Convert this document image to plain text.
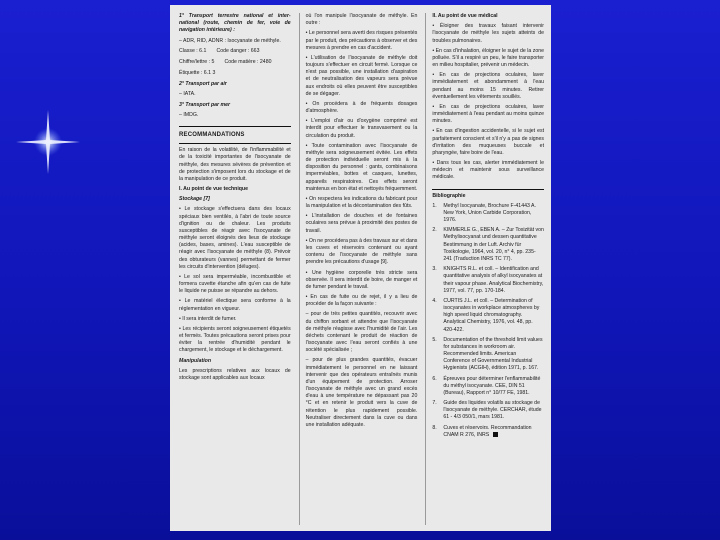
1° Transport terrestre national et inter-national (route, chemin de fer, voie de navigation intérieure) :

– ADR, RID, ADNR : Isocyanate de méthyle.

Classe : 6.1       Code danger : 663
Chiffre/lettre : 5       Code matière : 2480
Étiquette : 6.1 3

2° Transport par air

– IATA.

3° Transport par mer

– IMDG.

RECOMMANDATIONS

En raison de la volatilité, de l'inflammabilité et de la toxicité importantes de l'isocyanate de méthyle, des mesures sévères de prévention et de protection s'imposent lors du stockage et de la manipulation de ce produit.

I. Au point de vue technique

Stockage [7]

• Le stockage s'effectuera dans des locaux spéciaux bien ventilés, à l'abri de toute source d'ignition ou de chaleur. Les produits susceptibles de réagir avec l'isocyanate de méthyle seront éloignés des lieux de stockage (acides, bases, amines). L'eau susceptible de réagir avec l'isocyanate de méthyle (8). Prévoir des obturateurs (vannes) permettant de fermer les circuits d'intervention (déluges).

• Le sol sera imperméable, incombustible et formera cuvette étanche afin qu'en cas de fuite le liquide ne puisse se répandre au dehors.

• Le matériel électique sera conforme à la réglementation en vigueur.

• Il sera interdit de fumer.

• Les récipients seront soigneusement étiquetés et fermés. Toutes précautions seront prises pour éviter la rentrée d'humidité pendant le chargement, le stockage et le déchargement.

Manipulation

Les prescriptions relatives aux locaux de stockage sont applicables aux locaux

où l'on manipule l'isocyanate de méthyle. En outre :

• Le personnel sera averti des risques présentés par le produit, des précautions à observer et des mesures à prendre en cas d'accident.

• L'utilisation de l'isocyanate de méthyle doit toujours s'effectuer en circuit fermé. Lorsque ce n'est pas possible, une installation d'aspiration et de neutralisation des vapeurs sera prévue aux endroits où elles peuvent être susceptibles de se dégager.

• On procédera à de fréquents dosages d'atmosphère.

• L'emploi d'air ou d'oxygène comprimé est interdit pour effectuer le transvasement ou la circulation du produit.

• Toute contamination avec l'isocyanate de méthyle sera soigneusement évitée. Les effets de protection individuelle seront mis à la disposition du personnel : gants, combinaisons imperméables, bottes et casques, lunettes, appareils respiratoires. Ces effets seront maintenus en bon état et nettoyés fréquemment.

• On respectera les indications du fabricant pour la manipulation et la décontamination des fûts.

• L'installation de douches et de fontaines oculaires sera prévue à proximité des postes de travail.

• On ne procédera pas à des travaux sur et dans les cuves et réservoirs contenant ou ayant contenu de l'isocyanate de méthyle sans prendre les précautions d'usage [9].

• Une hygiène corporelle très stricte sera observée. Il sera interdit de boire, de manger et de fumer pendant le travail.

• En cas de fuite ou de rejet, il y a lieu de procéder de la façon suivante :

– pour de très petites quantités, recouvrir avec du chiffon sorbant et attendre que l'isocyanate de méthyle réagisse avec l'humidité de l'air. Les déchets contenant le produit de réaction de l'isocyanate avec l'eau seront confiés à une société spécialisée ;

– pour de plus grandes quantités, évacuer immédiatement le personnel en ne laissant intervenir que des opérateurs entraînés munis d'un équipement de protection. Arroser l'isocyanate de méthyle avec un grand excès d'eau à une température ne dépassant pas 20 °C et en retenir le produit vers la cuve de rétention le plus rapidement possible. Neutraliser directement dans la cuve ou dans une installation adéquate.

II. Au point de vue médical

• Éloigner des travaux faisant intervenir l'isocyanate de méthyle les sujets atteints de troubles pulmonaires.

• En cas d'inhalation, éloigner le sujet de la zone polluée. S'il a respiré un peu, le faire transporter en milieu hospitalier, prévenir un médecin.

• En cas de projections oculaires, laver immédiatement et abondamment à l'eau pendant au moins 15 minutes. Retirer éventuellement les vêtements souillés.

• En cas de projections oculaires, laver immédiatement à l'eau pendant au moins quinze minutes.

• En cas d'ingestion accidentelle, si le sujet est parfaitement conscient et s'il n'y a pas de signes d'irritation des muqueuses buccale et pharyngée, faire boire de l'eau.

• Dans tous les cas, alerter immédiatement le médecin et maintenir sous surveillance médicale.

Bibliographie

1.	Methyl Isocyanate, Brochure F-41443 A. New York, Union Carbide Corporation, 1976.
2.	KIMMERLE G., EBEN A. – Zur Toxizität von Methylisocyanat und dessen quantitative Bestimmung in der Luft. Archiv für Toxikologie, 1964, vol. 20, n° 4, pp. 235-241 (Traduction INRS TC 77).
3.	KNIGHTS R.L. et coll. – Identification and quantitative analysis of alkyl isocyanates at their vapour phase. Analytical Biochemistry, 1977, vol. 77, pp. 170-184.
4.	CURTIS J.L. et coll. – Determination of isocyanates in workplace atmospheres by high speed liquid chromatography. Analytical Chemistry, 1976, vol. 48, pp. 420-422.
5.	Documentation of the threshold limit values for substances in workroom air. Recommended limits. American Conference of Governmental Industrial Hygienists (ACGIH), édition 1971, p. 167.
6.	Épreuves pour déterminer l'enflammabilité du méthyl isocyanate. CEE, DIN 51 (Bureau), Rapport n° 10/77 FE, 1981.
7.	Guide des liquides volatils au stockage de l'isocyanate de méthyle. CERCHAR, étude 61 - 4/3 050/1, mars 1981.
8.	Cuves et réservoirs. Recommandation CNAM R 276, INRS
